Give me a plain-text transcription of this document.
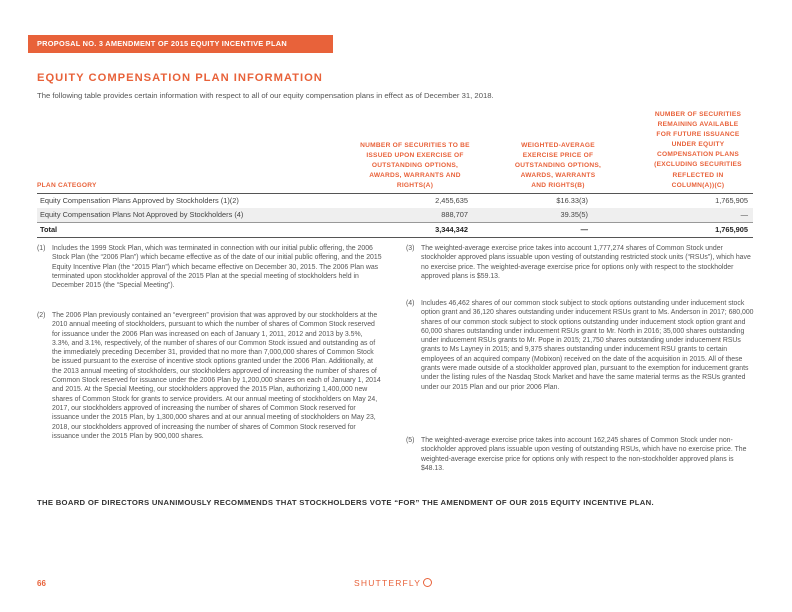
PROPOSAL NO. 3 AMENDMENT OF 2015 EQUITY INCENTIVE PLAN
EQUITY COMPENSATION PLAN INFORMATION
The following table provides certain information with respect to all of our equity compensation plans in effect as of December 31, 2018.
NUMBER OF SECURITIES TO BE
ISSUED UPON EXERCISE OF
OUTSTANDING OPTIONS,
AWARDS, WARRANTS AND
RIGHTS(A)
WEIGHTED-AVERAGE
EXERCISE PRICE OF
OUTSTANDING OPTIONS,
AWARDS, WARRANTS
AND RIGHTS(B)
NUMBER OF SECURITIES
REMAINING AVAILABLE
FOR FUTURE ISSUANCE
UNDER EQUITY
COMPENSATION PLANS
(EXCLUDING SECURITIES
REFLECTED IN
COLUMN(A))(C)
PLAN CATEGORY
Equity Compensation Plans Approved by Stockholders (1)(2)	2,455,635	$16.33(3)	1,765,905
Equity Compensation Plans Not Approved by Stockholders (4)	888,707	39.35(5)	—
Total	3,344,342	—	1,765,905
(1) Includes the 1999 Stock Plan, which was terminated in connection with our initial public offering, the 2006 Stock Plan (the “2006 Plan”) which became effective as of the date of our initial public offering, and the 2015 Equity Incentive Plan (the “2015 Plan”) which became effective on December 30, 2015. The 2006 Plan was terminated upon stockholder approval of the 2015 Plan at the special meeting of stockholders held in December 2015 (the “Special Meeting”).
(2) The 2006 Plan previously contained an “evergreen” provision that was approved by our stockholders at the 2010 annual meeting of stockholders, pursuant to which the number of shares of Common Stock reserved for issuance under the 2006 Plan was increased on each of January 1, 2011, 2012 and 2013 by 3.5%, 3.3%, and 3.1%, respectively, of the number of shares of our Common Stock issued and outstanding as of the immediately preceding December 31, provided that no more than 7,000,000 shares of Common Stock be issued pursuant to the exercise of incentive stock options granted under the 2006 Plan. Additionally, at the 2013 annual meeting of stockholders, our stockholders approved of increasing the number of shares of Common Stock reserved for issuance under the 2006 Plan by 1,200,000 shares on each of January 1, 2014 and 2015. At the Special Meeting, our stockholders approved the 2015 Plan, authorizing 1,400,000 new shares of Common Stock for grants to service providers. At our annual meeting of stockholders on May 24, 2017, our stockholders approved of increasing the number of shares of Common Stock reserved for issuance under the 2015 Plan, by 1,300,000 shares and at our annual meeting of stockholders on May 23, 2018, our stockholders approved of increasing the number of shares of Common Stock reserved for issuance under the 2015 Plan by 900,000 shares.
(3) The weighted-average exercise price takes into account 1,777,274 shares of Common Stock under stockholder approved plans issuable upon vesting of outstanding restricted stock units (“RSUs”), which have no exercise price. The weighted-average exercise price for options only with respect to the stockholder approved plans is $59.13.
(4) Includes 46,462 shares of our common stock subject to stock options outstanding under inducement stock option grant and 36,120 shares outstanding under inducement RSUs grant to Ms. Anderson in 2017; 680,000 shares of our common stock subject to stock options outstanding under inducement stock option grant and 60,000 shares outstanding under inducement RSUs grant to Mr. North in 2016; 35,000 shares outstanding under inducement RSUs grants to Mr. Pope in 2015; 21,750 shares outstanding under inducement RSUs grants to Ms Layney in 2015; and 9,375 shares outstanding under inducement RSU grants to certain employees of an acquired company (Mobixon) received on the date of the acquisition in 2015. All of these grants were made outside of a stockholder approved plan, pursuant to the exemption for inducement grants under the listing rules of the Nasdaq Stock Market and have the same material terms as the RSUs granted under our 2015 Plan and our prior 2006 Plan.
(5) The weighted-average exercise price takes into account 162,245 shares of Common Stock under non-stockholder approved plans issuable upon vesting of outstanding RSUs, which have no exercise price. The weighted-average exercise price for options only with respect to the non-stockholder approved plans is $48.13.
THE BOARD OF DIRECTORS UNANIMOUSLY RECOMMENDS THAT STOCKHOLDERS VOTE “FOR” THE AMENDMENT OF OUR 2015 EQUITY INCENTIVE PLAN.
66	SHUTTERFLY
